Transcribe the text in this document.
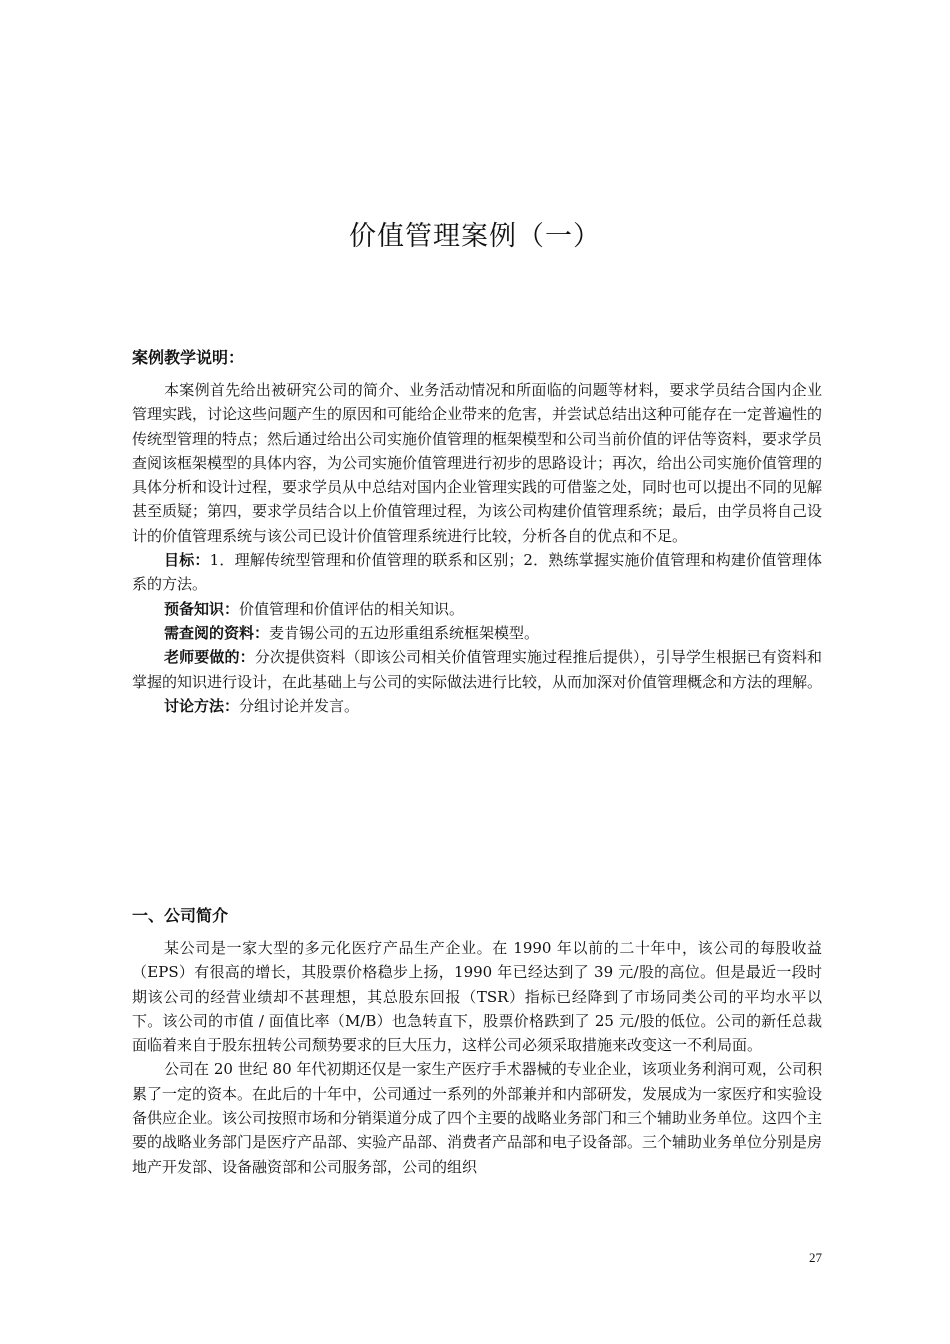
价值管理案例（一）
案例教学说明：

本案例首先给出被研究公司的简介、业务活动情况和所面临的问题等材料，要求学员结合国内企业管理实践，讨论这些问题产生的原因和可能给企业带来的危害，并尝试总结出这种可能存在一定普遍性的传统型管理的特点；然后通过给出公司实施价值管理的框架模型和公司当前价值的评估等资料，要求学员查阅该框架模型的具体内容，为公司实施价值管理进行初步的思路设计；再次，给出公司实施价值管理的具体分析和设计过程，要求学员从中总结对国内企业管理实践的可借鉴之处，同时也可以提出不同的见解甚至质疑；第四，要求学员结合以上价值管理过程，为该公司构建价值管理系统；最后，由学员将自己设计的价值管理系统与该公司已设计价值管理系统进行比较，分析各自的优点和不足。

目标：1．理解传统型管理和价值管理的联系和区别；2．熟练掌握实施价值管理和构建价值管理体系的方法。

预备知识：价值管理和价值评估的相关知识。

需查阅的资料：麦肯锡公司的五边形重组系统框架模型。

老师要做的：分次提供资料（即该公司相关价值管理实施过程推后提供），引导学生根据已有资料和掌握的知识进行设计，在此基础上与公司的实际做法进行比较，从而加深对价值管理概念和方法的理解。

讨论方法：分组讨论并发言。

一、公司简介

某公司是一家大型的多元化医疗产品生产企业。在 1990 年以前的二十年中，该公司的每股收益（EPS）有很高的增长，其股票价格稳步上扬，1990 年已经达到了 39 元/股的高位。但是最近一段时期该公司的经营业绩却不甚理想，其总股东回报（TSR）指标已经降到了市场同类公司的平均水平以下。该公司的市值 / 面值比率（M/B）也急转直下，股票价格跌到了 25 元/股的低位。公司的新任总裁面临着来自于股东扭转公司颓势要求的巨大压力，这样公司必须采取措施来改变这一不利局面。

公司在 20 世纪 80 年代初期还仅是一家生产医疗手术器械的专业企业，该项业务利润可观，公司积累了一定的资本。在此后的十年中，公司通过一系列的外部兼并和内部研发，发展成为一家医疗和实验设备供应企业。该公司按照市场和分销渠道分成了四个主要的战略业务部门和三个辅助业务单位。这四个主要的战略业务部门是医疗产品部、实验产品部、消费者产品部和电子设备部。三个辅助业务单位分别是房地产开发部、设备融资部和公司服务部，公司的组织

27
